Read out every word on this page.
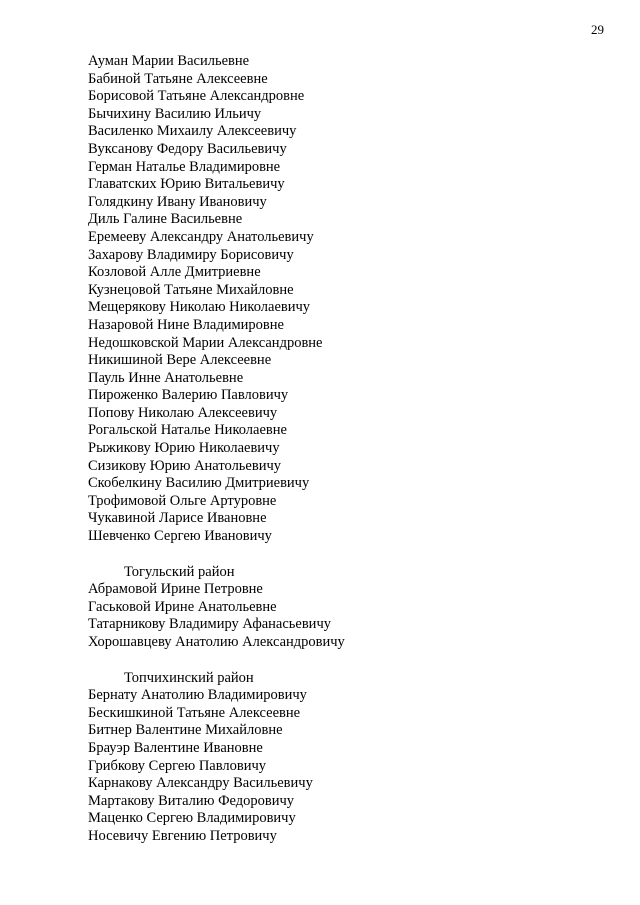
29
Ауман Марии Васильевне
Бабиной Татьяне Алексеевне
Борисовой Татьяне Александровне
Бычихину Василию Ильичу
Василенко Михаилу Алексеевичу
Вуксанову Федору Васильевичу
Герман Наталье Владимировне
Главатских Юрию Витальевичу
Голядкину Ивану Ивановичу
Диль Галине Васильевне
Еремееву Александру Анатольевичу
Захарову Владимиру Борисовичу
Козловой Алле Дмитриевне
Кузнецовой Татьяне Михайловне
Мещерякову Николаю Николаевичу
Назаровой Нине Владимировне
Недошковской Марии Александровне
Никишиной Вере Алексеевне
Пауль Инне Анатольевне
Пироженко Валерию Павловичу
Попову Николаю Алексеевичу
Рогальской Наталье Николаевне
Рыжикову Юрию Николаевичу
Сизикову Юрию Анатольевичу
Скобелкину Василию Дмитриевичу
Трофимовой Ольге Артуровне
Чукавиной Ларисе Ивановне
Шевченко Сергею Ивановичу
Тогульский район
Абрамовой Ирине Петровне
Гаськовой Ирине Анатольевне
Татарникову Владимиру Афанасьевичу
Хорошавцеву Анатолию Александровичу
Топчихинский район
Бернату Анатолию Владимировичу
Бескишкиной Татьяне Алексеевне
Битнер Валентине Михайловне
Брауэр Валентине Ивановне
Грибкову Сергею Павловичу
Карнакову Александру Васильевичу
Мартакову Виталию Федоровичу
Маценко Сергею Владимировичу
Носевичу Евгению Петровичу
